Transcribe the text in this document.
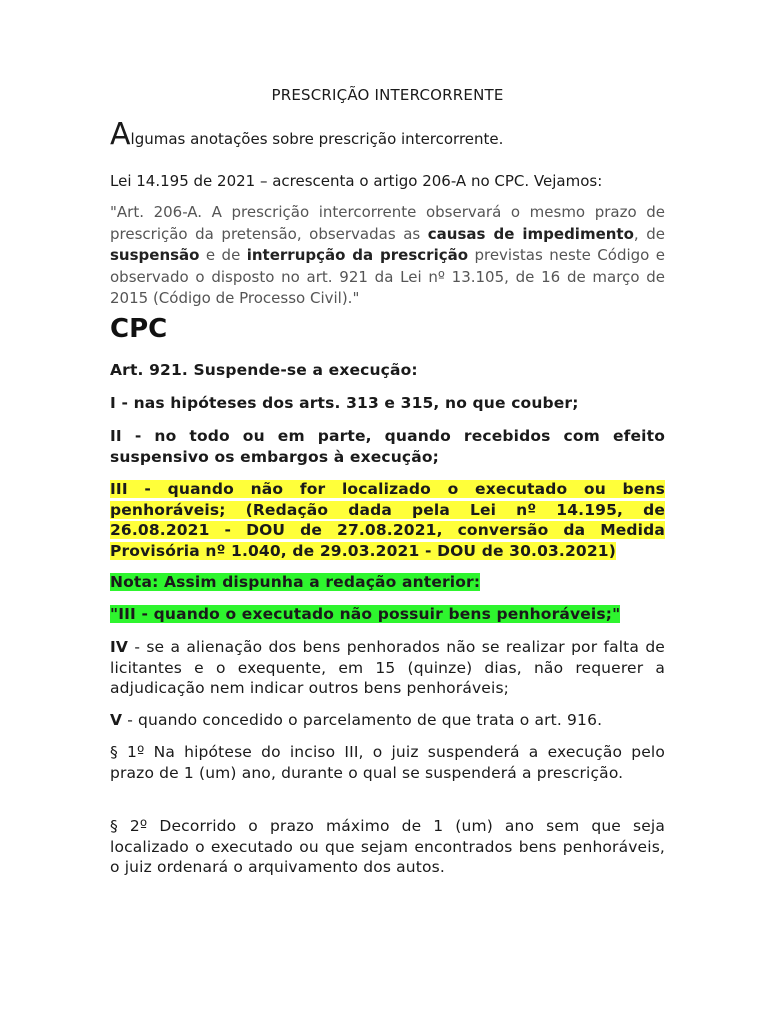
PRESCRIÇÃO INTERCORRENTE
Algumas anotações sobre prescrição intercorrente.
Lei 14.195 de 2021 – acrescenta o artigo 206-A no CPC. Vejamos:
"Art. 206-A. A prescrição intercorrente observará o mesmo prazo de prescrição da pretensão, observadas as causas de impedimento, de suspensão e de interrupção da prescrição previstas neste Código e observado o disposto no art. 921 da Lei nº 13.105, de 16 de março de 2015 (Código de Processo Civil)."
CPC
Art. 921. Suspende-se a execução:
I - nas hipóteses dos arts. 313 e 315, no que couber;
II - no todo ou em parte, quando recebidos com efeito suspensivo os embargos à execução;
III - quando não for localizado o executado ou bens penhoráveis; (Redação dada pela Lei nº 14.195, de 26.08.2021 - DOU de 27.08.2021, conversão da Medida Provisória nº 1.040, de 29.03.2021 - DOU de 30.03.2021)
Nota: Assim dispunha a redação anterior:
"III - quando o executado não possuir bens penhoráveis;"
IV - se a alienação dos bens penhorados não se realizar por falta de licitantes e o exequente, em 15 (quinze) dias, não requerer a adjudicação nem indicar outros bens penhoráveis;
V - quando concedido o parcelamento de que trata o art. 916.
§ 1º Na hipótese do inciso III, o juiz suspenderá a execução pelo prazo de 1 (um) ano, durante o qual se suspenderá a prescrição.
§ 2º Decorrido o prazo máximo de 1 (um) ano sem que seja localizado o executado ou que sejam encontrados bens penhoráveis, o juiz ordenará o arquivamento dos autos.
